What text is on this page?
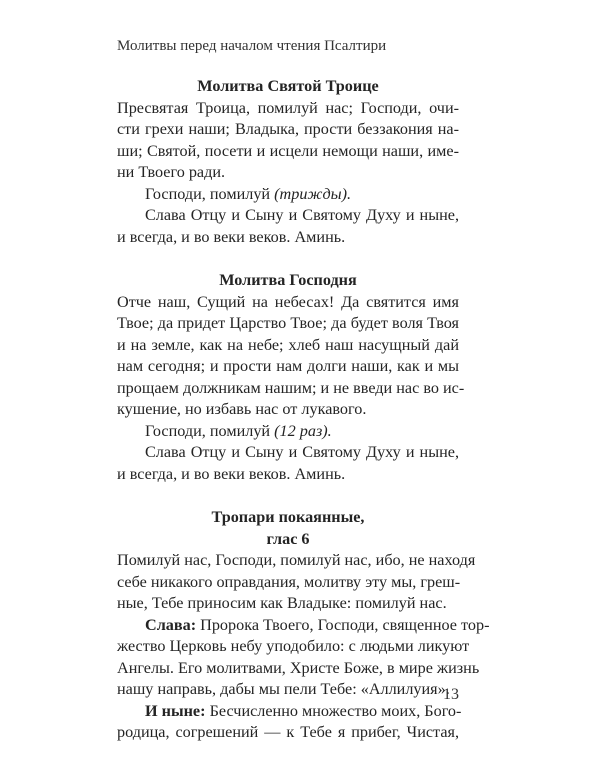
Молитвы перед началом чтения Псалтири
Молитва Святой Троице
Пресвятая Троица, помилуй нас; Господи, очи-
сти грехи наши; Владыка, прости беззакония на-
ши; Святой, посети и исцели немощи наши, име-
ни Твоего ради.
Господи, помилуй (трижды).
Слава Отцу и Сыну и Святому Духу и ныне,
и всегда, и во веки веков. Аминь.
Молитва Господня
Отче наш, Сущий на небесах! Да святится имя
Твое; да придет Царство Твое; да будет воля Твоя
и на земле, как на небе; хлеб наш насущный дай
нам сегодня; и прости нам долги наши, как и мы
прощаем должникам нашим; и не введи нас во ис-
кушение, но избавь нас от лукавого.
Господи, помилуй (12 раз).
Слава Отцу и Сыну и Святому Духу и ныне,
и всегда, и во веки веков. Аминь.
Тропари покаянные,
глас 6
Помилуй нас, Господи, помилуй нас, ибо, не находя
себе никакого оправдания, молитву эту мы, греш-
ные, Тебе приносим как Владыке: помилуй нас.
Слава: Пророка Твоего, Господи, священное тор-
жество Церковь небу уподобило: с людьми ликуют
Ангелы. Его молитвами, Христе Боже, в мире жизнь
нашу направь, дабы мы пели Тебе: «Аллилуия».
И ныне: Бесчисленно множество моих, Бого-
родица, согрешений — к Тебе я прибег, Чистая,
13
